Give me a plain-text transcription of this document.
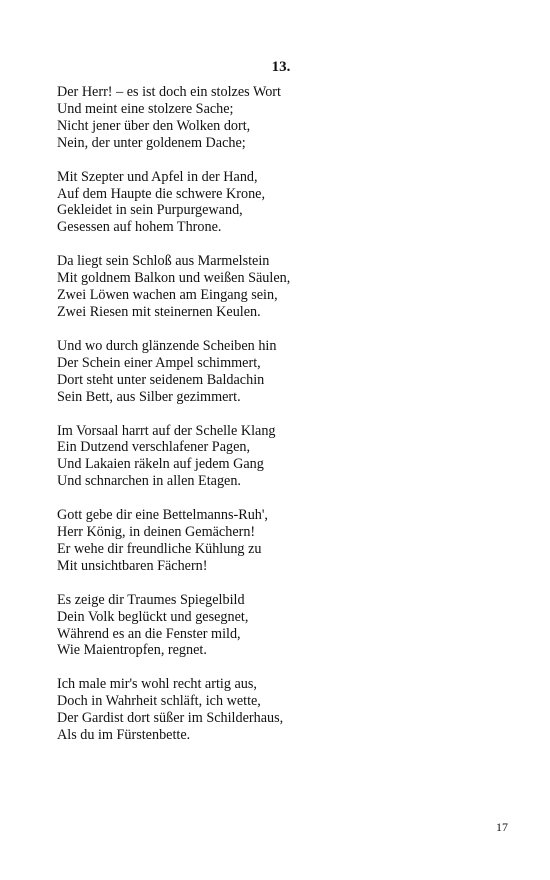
13.
Der Herr! – es ist doch ein stolzes Wort
Und meint eine stolzere Sache;
Nicht jener über den Wolken dort,
Nein, der unter goldenem Dache;
Mit Szepter und Apfel in der Hand,
Auf dem Haupte die schwere Krone,
Gekleidet in sein Purpurgewand,
Gesessen auf hohem Throne.
Da liegt sein Schloß aus Marmelstein
Mit goldnem Balkon und weißen Säulen,
Zwei Löwen wachen am Eingang sein,
Zwei Riesen mit steinernen Keulen.
Und wo durch glänzende Scheiben hin
Der Schein einer Ampel schimmert,
Dort steht unter seidenem Baldachin
Sein Bett, aus Silber gezimmert.
Im Vorsaal harrt auf der Schelle Klang
Ein Dutzend verschlafener Pagen,
Und Lakaien räkeln auf jedem Gang
Und schnarchen in allen Etagen.
Gott gebe dir eine Bettelmanns-Ruh',
Herr König, in deinen Gemächern!
Er wehe dir freundliche Kühlung zu
Mit unsichtbaren Fächern!
Es zeige dir Traumes Spiegelbild
Dein Volk beglückt und gesegnet,
Während es an die Fenster mild,
Wie Maientropfen, regnet.
Ich male mir's wohl recht artig aus,
Doch in Wahrheit schläft, ich wette,
Der Gardist dort süßer im Schilderhaus,
Als du im Fürstenbette.
17
